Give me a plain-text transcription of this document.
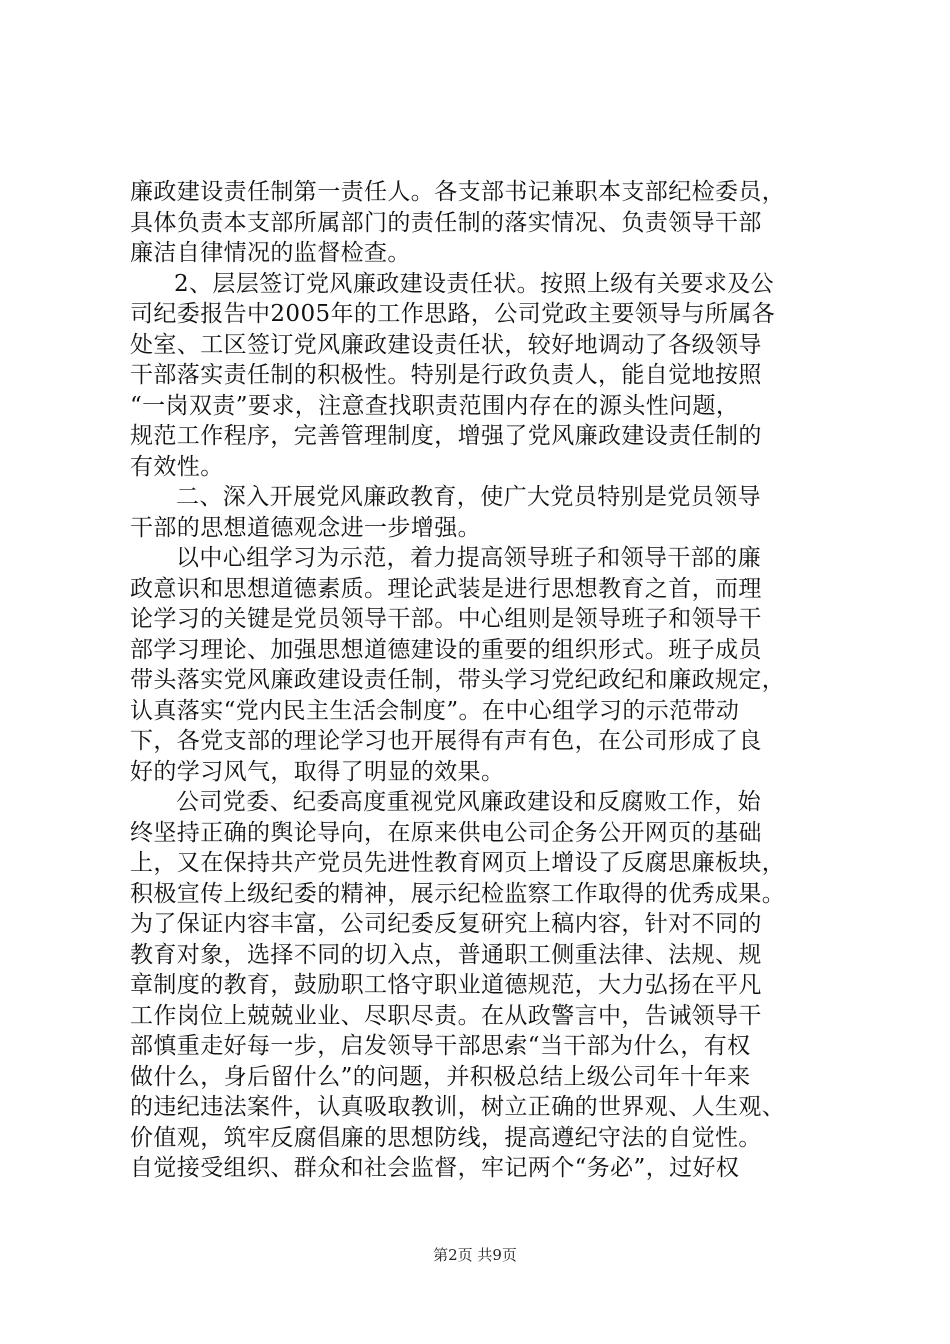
廉政建设责任制第一责任人。各支部书记兼职本支部纪检委员，
具体负责本支部所属部门的责任制的落实情况、负责领导干部
廉洁自律情况的监督检查。
2、层层签订党风廉政建设责任状。按照上级有关要求及公
司纪委报告中2005年的工作思路，公司党政主要领导与所属各
处室、工区签订党风廉政建设责任状，较好地调动了各级领导
干部落实责任制的积极性。特别是行政负责人，能自觉地按照
“一岗双责”要求，注意查找职责范围内存在的源头性问题，
规范工作程序，完善管理制度，增强了党风廉政建设责任制的
有效性。
二、深入开展党风廉政教育，使广大党员特别是党员领导
干部的思想道德观念进一步增强。
以中心组学习为示范，着力提高领导班子和领导干部的廉
政意识和思想道德素质。理论武装是进行思想教育之首，而理
论学习的关键是党员领导干部。中心组则是领导班子和领导干
部学习理论、加强思想道德建设的重要的组织形式。班子成员
带头落实党风廉政建设责任制，带头学习党纪政纪和廉政规定，
认真落实“党内民主生活会制度”。在中心组学习的示范带动
下，各党支部的理论学习也开展得有声有色，在公司形成了良
好的学习风气，取得了明显的效果。
公司党委、纪委高度重视党风廉政建设和反腐败工作，始
终坚持正确的舆论导向，在原来供电公司企务公开网页的基础
上，又在保持共产党员先进性教育网页上增设了反腐思廉板块，
积极宣传上级纪委的精神，展示纪检监察工作取得的优秀成果。
为了保证内容丰富，公司纪委反复研究上稿内容，针对不同的
教育对象，选择不同的切入点，普通职工侧重法律、法规、规
章制度的教育，鼓励职工恪守职业道德规范，大力弘扬在平凡
工作岗位上兢兢业业、尽职尽责。在从政警言中，告诫领导干
部慎重走好每一步，启发领导干部思索“当干部为什么，有权
做什么，身后留什么”的问题，并积极总结上级公司年十年来
的违纪违法案件，认真吸取教训，树立正确的世界观、人生观、
价值观，筑牢反腐倡廉的思想防线，提高遵纪守法的自觉性。
自觉接受组织、群众和社会监督，牢记两个“务必”，过好权
第2页 共9页
